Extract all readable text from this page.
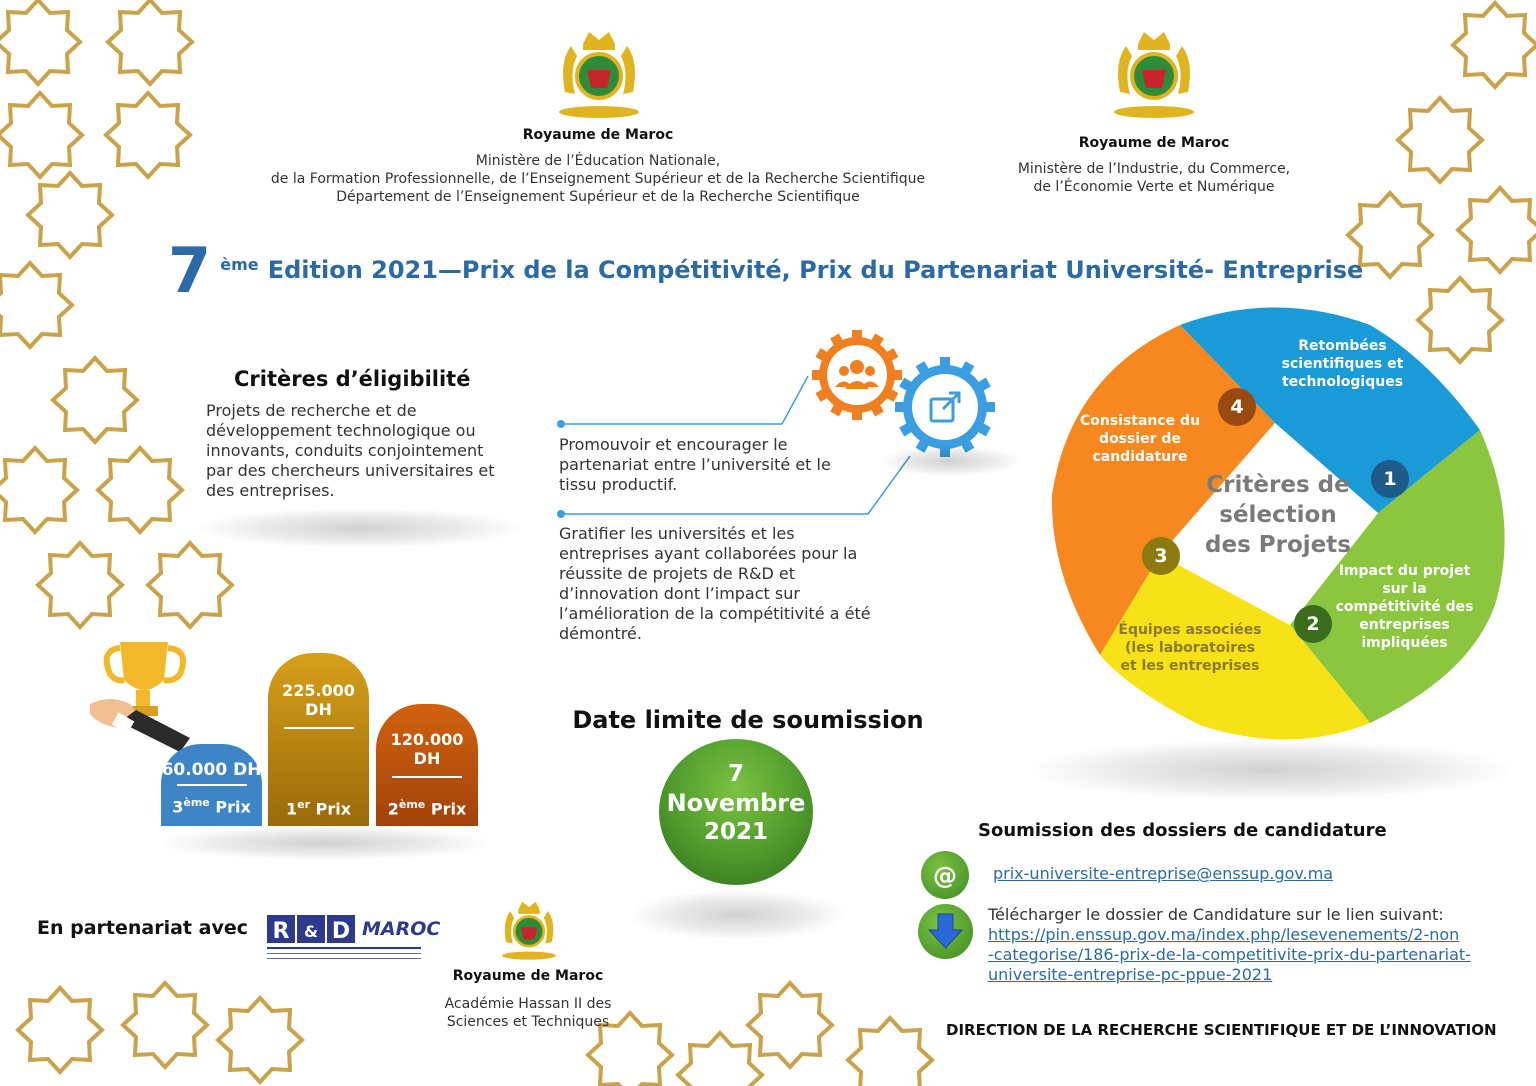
Royaume de Maroc
Ministère de l’Éducation Nationale,
de la Formation Professionnelle, de l’Enseignement Supérieur et de la Recherche Scientifique
Département de l’Enseignement Supérieur et de la Recherche Scientifique
Royaume de Maroc
Ministère de l’Industrie, du Commerce,
de l’Économie Verte et Numérique
7 ème Edition 2021—Prix de la Compétitivité, Prix du Partenariat Université- Entreprise
Critères d’éligibilité
Projets de recherche et de développement technologique ou innovants, conduits conjointement par des chercheurs universitaires et des entreprises.
Promouvoir et encourager le partenariat entre l’université et le tissu productif.
Gratifier les universités et les entreprises ayant collaborées pour la réussite de projets de R&D et d’innovation dont l’impact sur l’amélioration de la compétitivité a été démontré.
Critères de sélection des Projets
Retombées scientifiques et technologiques
Impact du projet sur la compétitivité des entreprises impliquées
Équipes associées (les laboratoires et les entreprises
Consistance du dossier de candidature
1
2
3
4
60.000 DH
3ème Prix
225.000 DH
1er Prix
120.000 DH
2ème Prix
Date limite de soumission
7
Novembre
2021	Soumission des dossiers de candidature
@ prix-universite-entreprise@enssup.gov.ma
Télécharger le dossier de Candidature sur le lien suivant:
https://pin.enssup.gov.ma/index.php/lesevenements/2-non
-categorise/186-prix-de-la-competitivite-prix-du-partenariat-
universite-entreprise-pc-ppue-2021
En partenariat avec R & D MAROC
Royaume de Maroc
Académie Hassan II des
Sciences et Techniques	DIRECTION DE LA RECHERCHE SCIENTIFIQUE ET DE L’INNOVATION
